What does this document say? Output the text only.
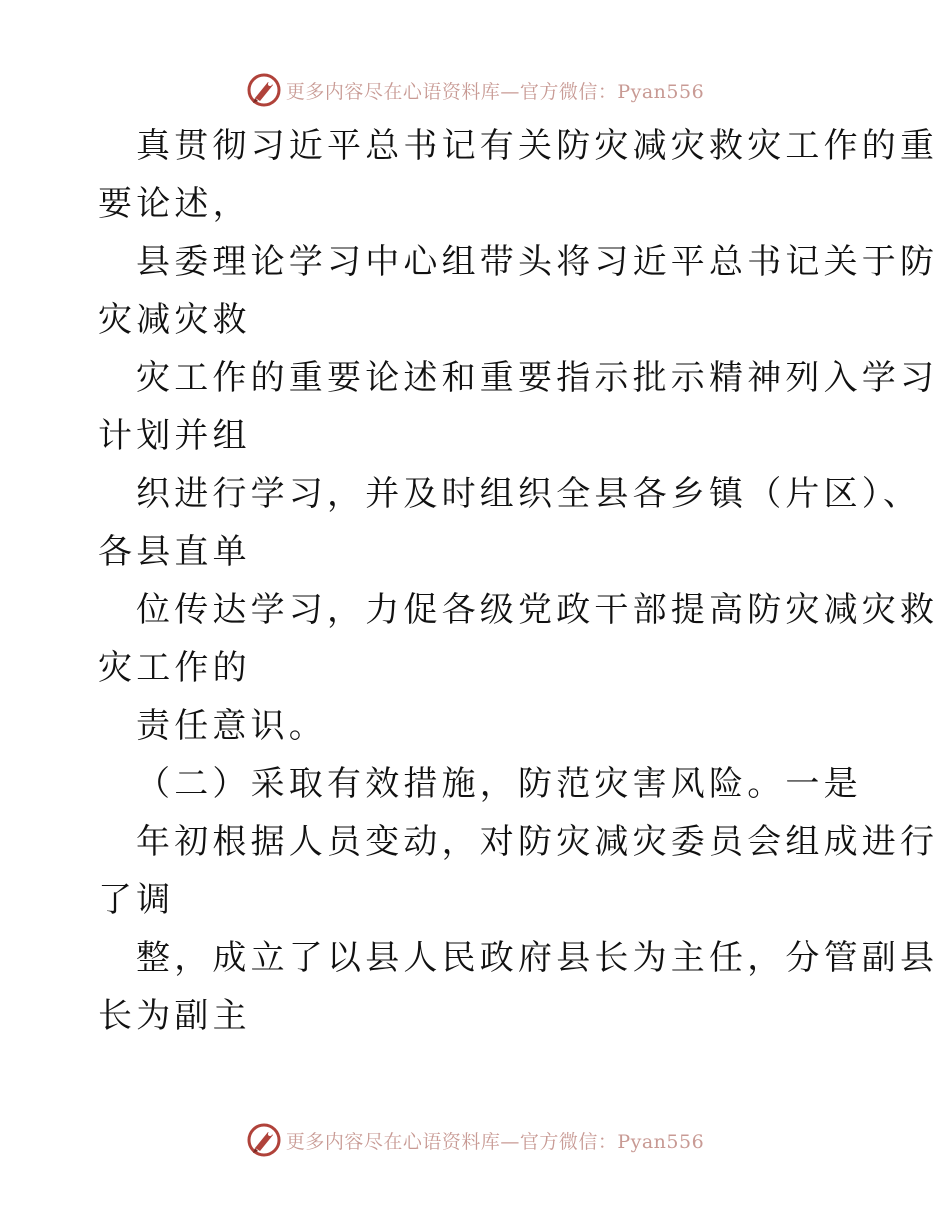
更多内容尽在心语资料库—官方微信：Pyan556
真贯彻习近平总书记有关防灾减灾救灾工作的重
要论述，
县委理论学习中心组带头将习近平总书记关于防
灾减灾救
灾工作的重要论述和重要指示批示精神列入学习
计划并组
织进行学习，并及时组织全县各乡镇（片区）、
各县直单
位传达学习，力促各级党政干部提高防灾减灾救
灾工作的
责任意识。
（二）采取有效措施，防范灾害风险。一是
年初根据人员变动，对防灾减灾委员会组成进行
了调
整，成立了以县人民政府县长为主任，分管副县
长为副主
更多内容尽在心语资料库—官方微信：Pyan556
